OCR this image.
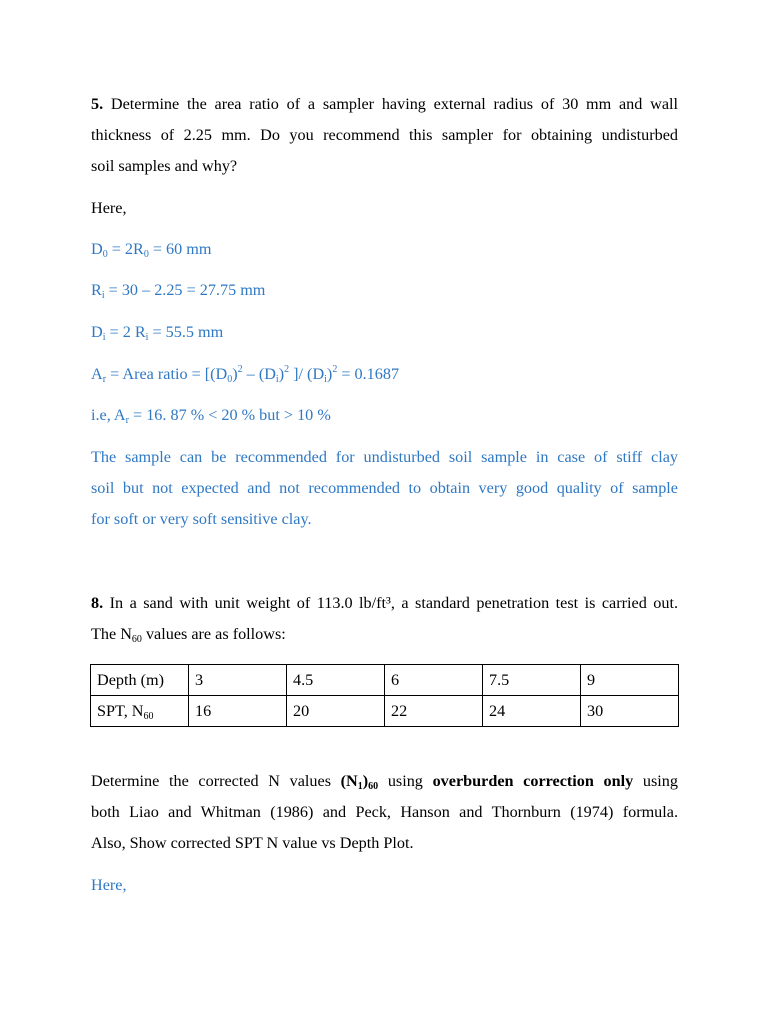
5. Determine the area ratio of a sampler having external radius of 30 mm and wall
thickness of 2.25 mm. Do you recommend this sampler for obtaining undisturbed
soil samples and why?
Here,
$D_0 = 2R_0 = 60$ mm
$R_i = 30 - 2.25 = 27.75$ mm
$D_i = 2$ $R_i = 55.5$ mm
$A_r$ = Area ratio = [$(D_0)^2 - (D_i)^2$ ]/ $(D_i)^2 = 0.1687$
i.e, $A_r = 16$. 87 % < 20 % but > 10 %
The sample can be recommended for undisturbed soil sample in case of stiff clay
soil but not expected and not recommended to obtain very good quality of sample
for soft or very soft sensitive clay.
8. In a sand with unit weight of 113.0 lb/ft³, a standard penetration test is carried out.
The $N_{60}$ values are as follows:
Depth (m)	3	4.5	6	7.5	9
SPT, $N_{60}$	16	20	22	24	30
Determine the corrected N values $(N_1)_{60}$ using overburden correction only using
both Liao and Whitman (1986) and Peck, Hanson and Thornburn (1974) formula.
Also, Show corrected SPT N value vs Depth Plot.
Here,
